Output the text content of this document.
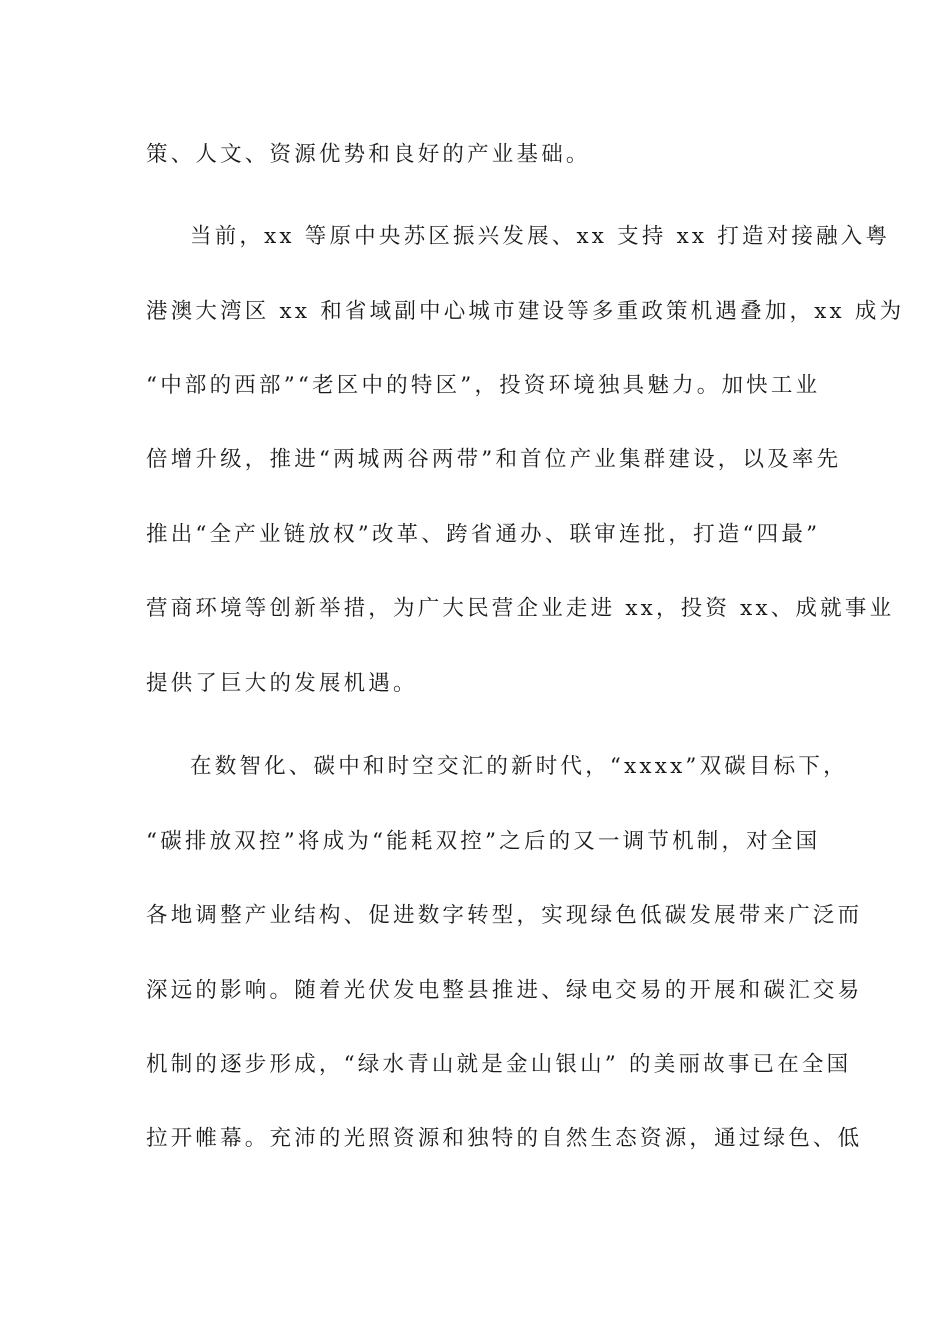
策、人文、资源优势和良好的产业基础。
当前，xx 等原中央苏区振兴发展、xx 支持 xx 打造对接融入粤
港澳大湾区 xx 和省域副中心城市建设等多重政策机遇叠加，xx 成为
“中部的西部”“老区中的特区”，投资环境独具魅力。加快工业
倍增升级，推进“两城两谷两带”和首位产业集群建设，以及率先
推出“全产业链放权”改革、跨省通办、联审连批，打造“四最”
营商环境等创新举措，为广大民营企业走进 xx，投资 xx、成就事业
提供了巨大的发展机遇。
在数智化、碳中和时空交汇的新时代，“xxxx”双碳目标下，
“碳排放双控”将成为“能耗双控”之后的又一调节机制，对全国
各地调整产业结构、促进数字转型，实现绿色低碳发展带来广泛而
深远的影响。随着光伏发电整县推进、绿电交易的开展和碳汇交易
机制的逐步形成，“绿水青山就是金山银山” 的美丽故事已在全国
拉开帷幕。充沛的光照资源和独特的自然生态资源，通过绿色、低
